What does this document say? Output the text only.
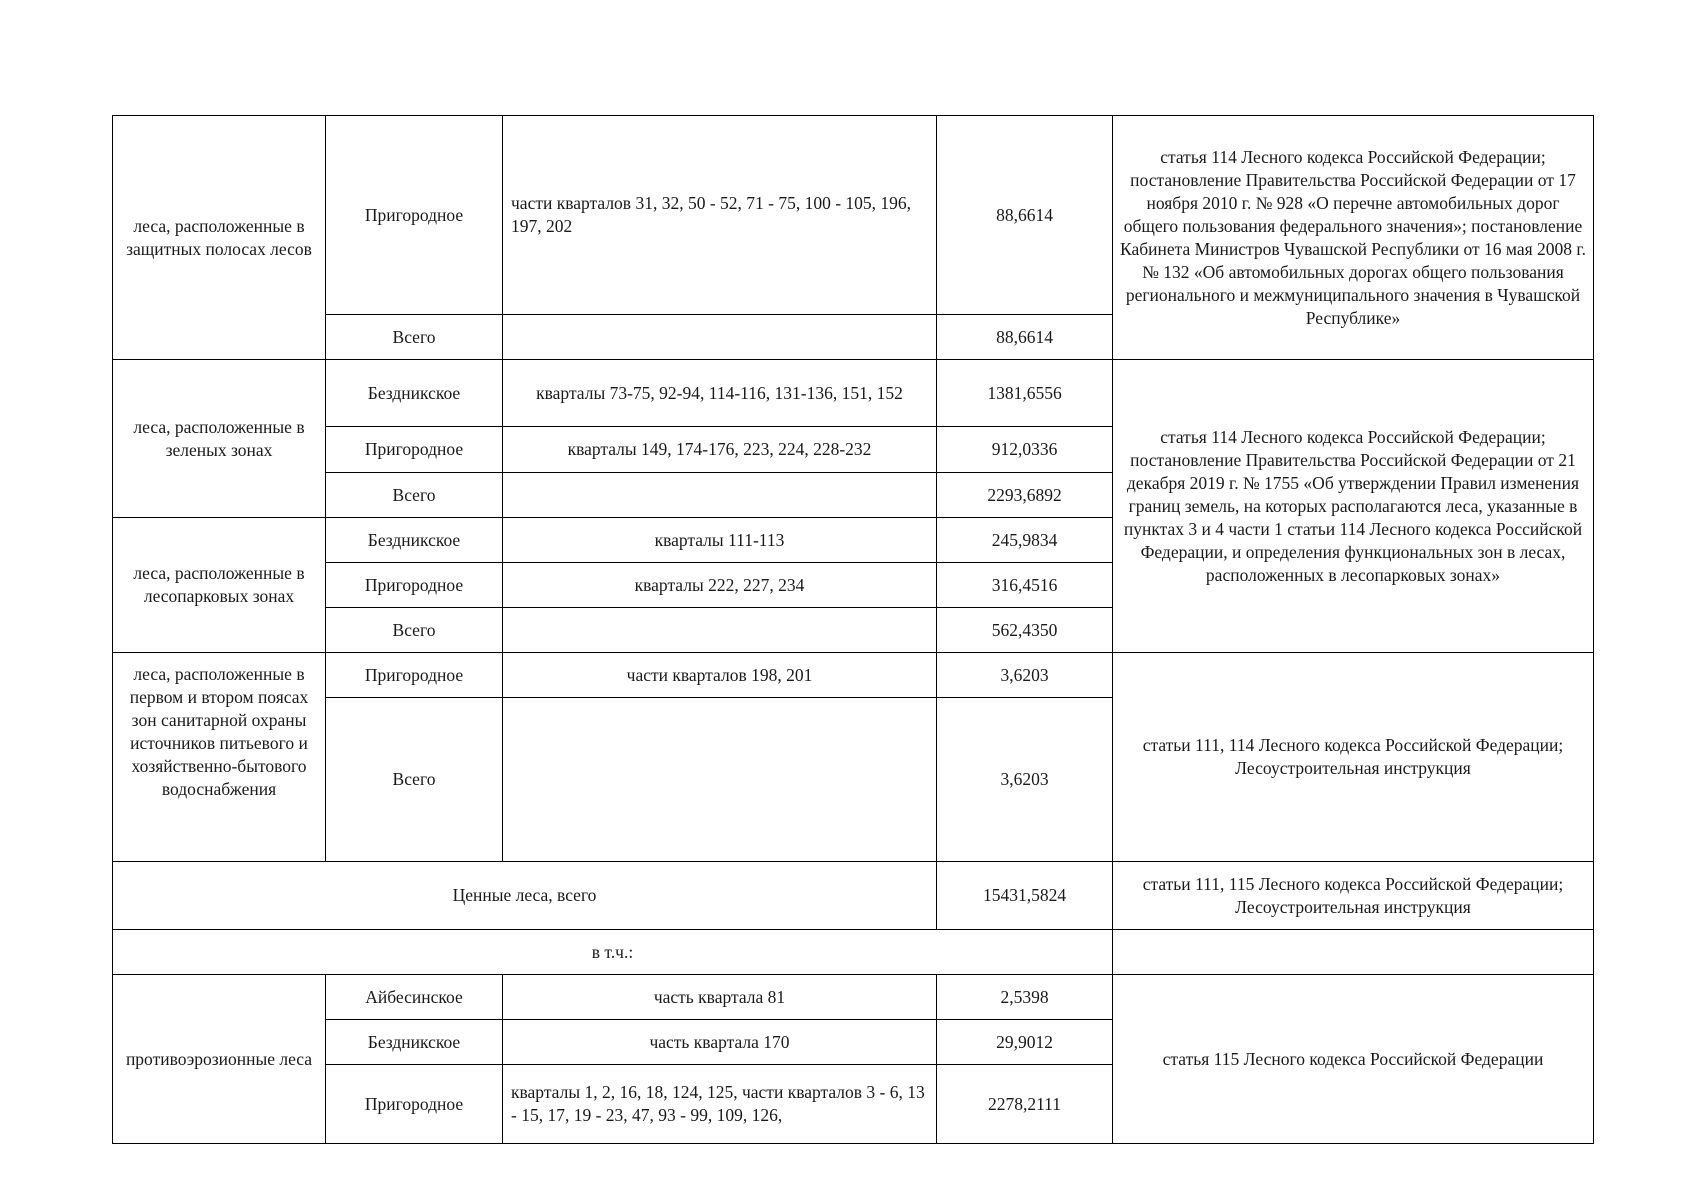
леса, расположенные в защитных полосах лесов	Пригородное	части кварталов 31, 32, 50 - 52, 71 - 75, 100 - 105, 196, 197, 202	88,6614	статья 114 Лесного кодекса Российской Федерации; постановление Правительства Российской Федерации от 17 ноября 2010 г. № 928 «О перечне автомобильных дорог общего пользования федерального значения»; постановление Кабинета Министров Чувашской Республики от 16 мая 2008 г. № 132 «Об автомобильных дорогах общего пользования регионального и межмуниципального значения в Чувашской Республике»
	Всего		88,6614	
леса, расположенные в зеленых зонах	Бездникское	кварталы 73-75, 92-94, 114-116, 131-136, 151, 152	1381,6556	статья 114 Лесного кодекса Российской Федерации; постановление Правительства Российской Федерации от 21 декабря 2019 г. № 1755 «Об утверждении Правил изменения границ земель, на которых располагаются леса, указанные в пунктах 3 и 4 части 1 статьи 114 Лесного кодекса Российской Федерации, и определения функциональных зон в лесах, расположенных в лесопарковых зонах»
	Пригородное	кварталы 149, 174-176, 223, 224, 228-232	912,0336	
	Всего		2293,6892	
леса, расположенные в лесопарковых зонах	Бездникское	кварталы 111-113	245,9834	
	Пригородное	кварталы 222, 227, 234	316,4516	
	Всего		562,4350	
леса, расположенные в первом и втором поясах зон санитарной охраны источников питьевого и хозяйственно-бытового водоснабжения	Пригородное	части кварталов 198, 201	3,6203	статьи 111, 114 Лесного кодекса Российской Федерации; Лесоустроительная инструкция
	Всего		3,6203	
Ценные леса, всего			15431,5824	статьи 111, 115 Лесного кодекса Российской Федерации; Лесоустроительная инструкция
в т.ч.:				
противоэрозионные леса	Айбесинское	часть квартала 81	2,5398	статья 115 Лесного кодекса Российской Федерации
	Бездникское	часть квартала 170	29,9012	
	Пригородное	кварталы 1, 2, 16, 18, 124, 125, части кварталов 3 - 6, 13 - 15, 17, 19 - 23, 47, 93 - 99, 109, 126,	2278,2111	
